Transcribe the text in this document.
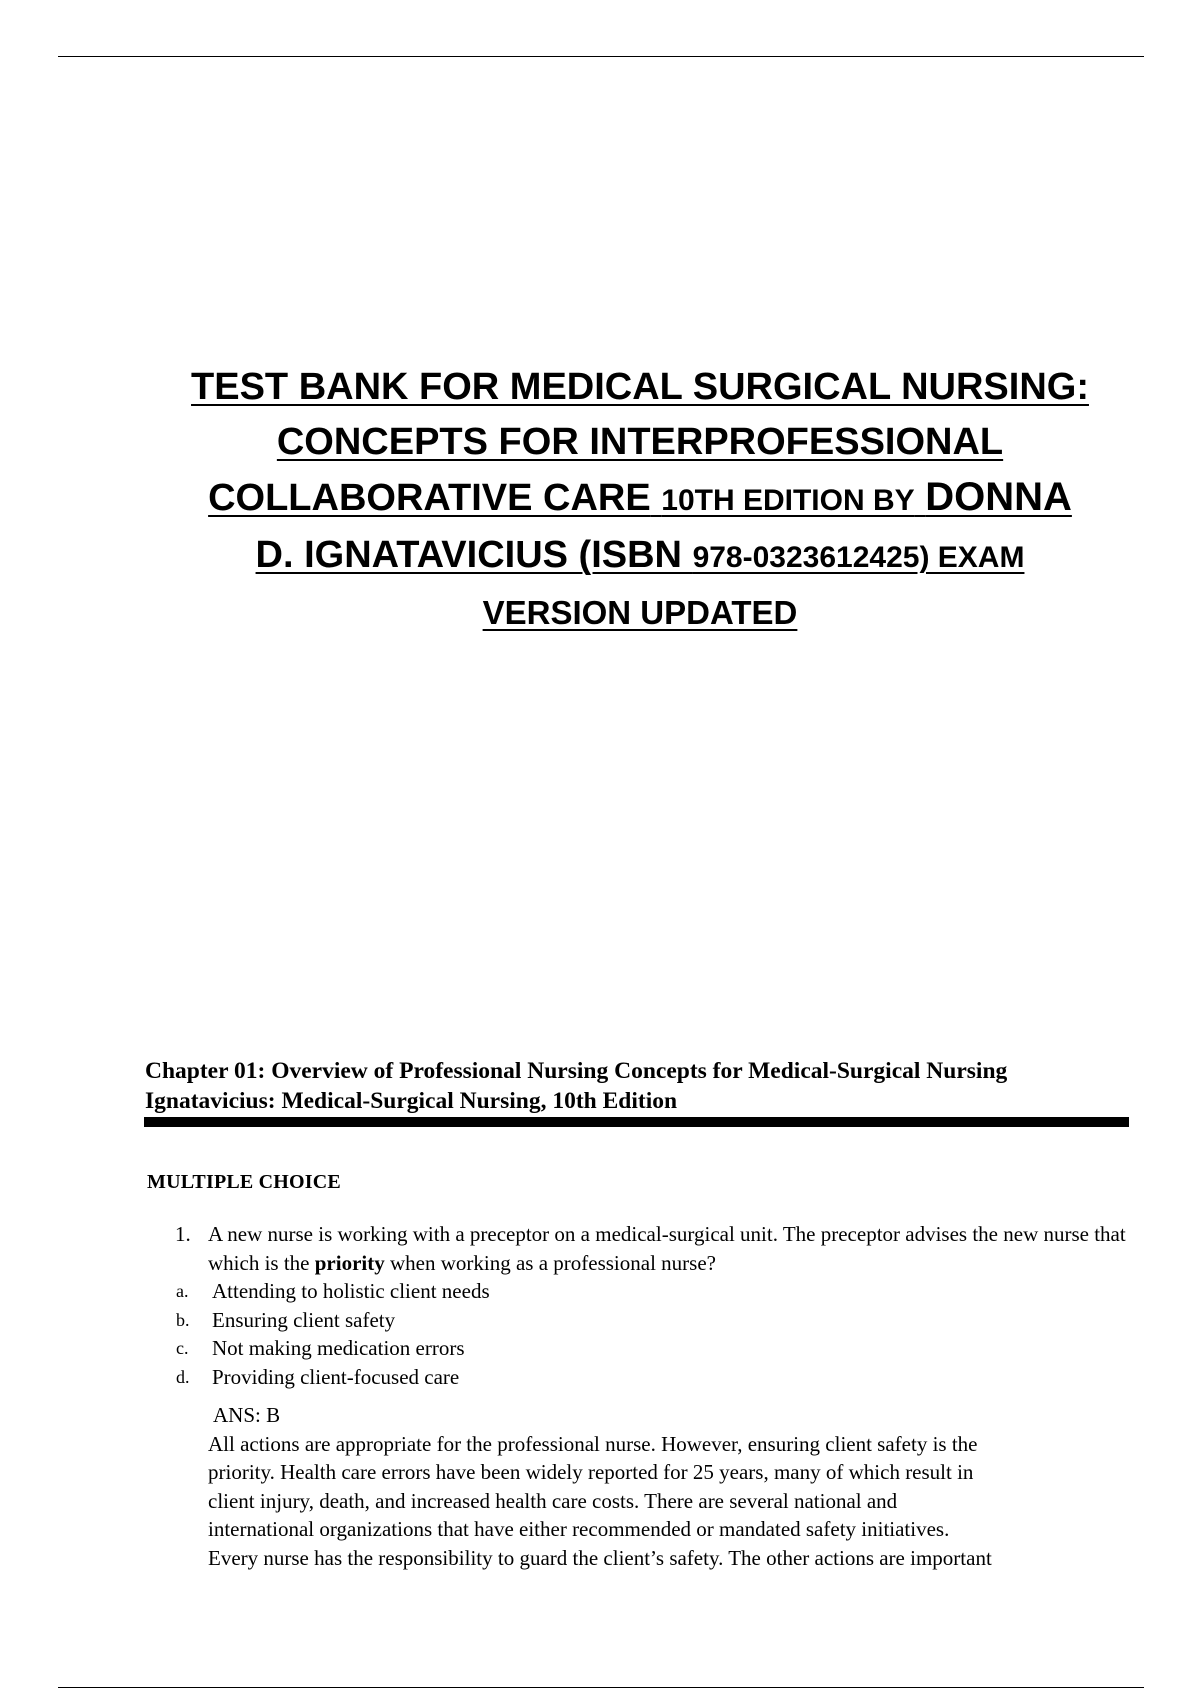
TEST BANK FOR MEDICAL SURGICAL NURSING:
CONCEPTS FOR INTERPROFESSIONAL
COLLABORATIVE CARE 10TH EDITION BY DONNA
D. IGNATAVICIUS (ISBN 978-0323612425) EXAM
VERSION UPDATED
Chapter 01: Overview of Professional Nursing Concepts for Medical-Surgical Nursing
Ignatavicius: Medical-Surgical Nursing, 10th Edition
MULTIPLE CHOICE
1. A new nurse is working with a preceptor on a medical-surgical unit. The preceptor advises the new nurse that which is the priority when working as a professional nurse?
a. Attending to holistic client needs
b. Ensuring client safety
c. Not making medication errors
d. Providing client-focused care
ANS: B
All actions are appropriate for the professional nurse. However, ensuring client safety is the
priority. Health care errors have been widely reported for 25 years, many of which result in
client injury, death, and increased health care costs. There are several national and
international organizations that have either recommended or mandated safety initiatives.
Every nurse has the responsibility to guard the client’s safety. The other actions are important
